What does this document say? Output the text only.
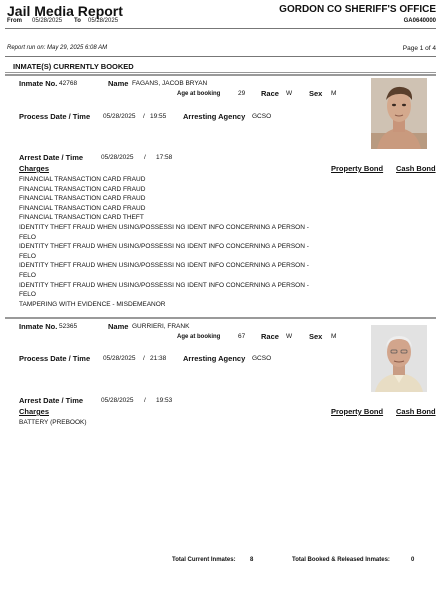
Jail Media Report	GORDON CO SHERIFF'S OFFICE
From 05/28/2025 To 05/28/2025	GA0640000
Report run on: May 29, 2025 6:08 AM	Page 1 of 4
INMATE(S) CURRENTLY BOOKED
Inmate No. 42768	Name FAGANS, JACOB BRYAN
Age at booking	29 Race W Sex M
Process Date / Time 05/28/2025 / 19:55 Arresting Agency GCSO
Arrest Date / Time	05/28/2025 / 17:58
Charges	Property Bond Cash Bond
FINANCIAL TRANSACTION CARD FRAUD
FINANCIAL TRANSACTION CARD FRAUD
FINANCIAL TRANSACTION CARD FRAUD
FINANCIAL TRANSACTION CARD FRAUD
FINANCIAL TRANSACTION CARD THEFT
IDENTITY THEFT FRAUD WHEN USING/POSSESSI NG IDENT INFO CONCERNING A PERSON -
FELO
IDENTITY THEFT FRAUD WHEN USING/POSSESSI NG IDENT INFO CONCERNING A PERSON -
FELO
IDENTITY THEFT FRAUD WHEN USING/POSSESSI NG IDENT INFO CONCERNING A PERSON -
FELO
IDENTITY THEFT FRAUD WHEN USING/POSSESSI NG IDENT INFO CONCERNING A PERSON -
FELO
TAMPERING WITH EVIDENCE - MISDEMEANOR
Inmate No. 52365	Name GURRIERI, FRANK
Age at booking	67 Race W Sex M
Process Date / Time 05/28/2025 / 21:38 Arresting Agency GCSO
Arrest Date / Time	05/28/2025 / 19:53
Charges	Property Bond Cash Bond
BATTERY (PREBOOK)
Total Current Inmates: 8	Total Booked & Released Inmates:	0
